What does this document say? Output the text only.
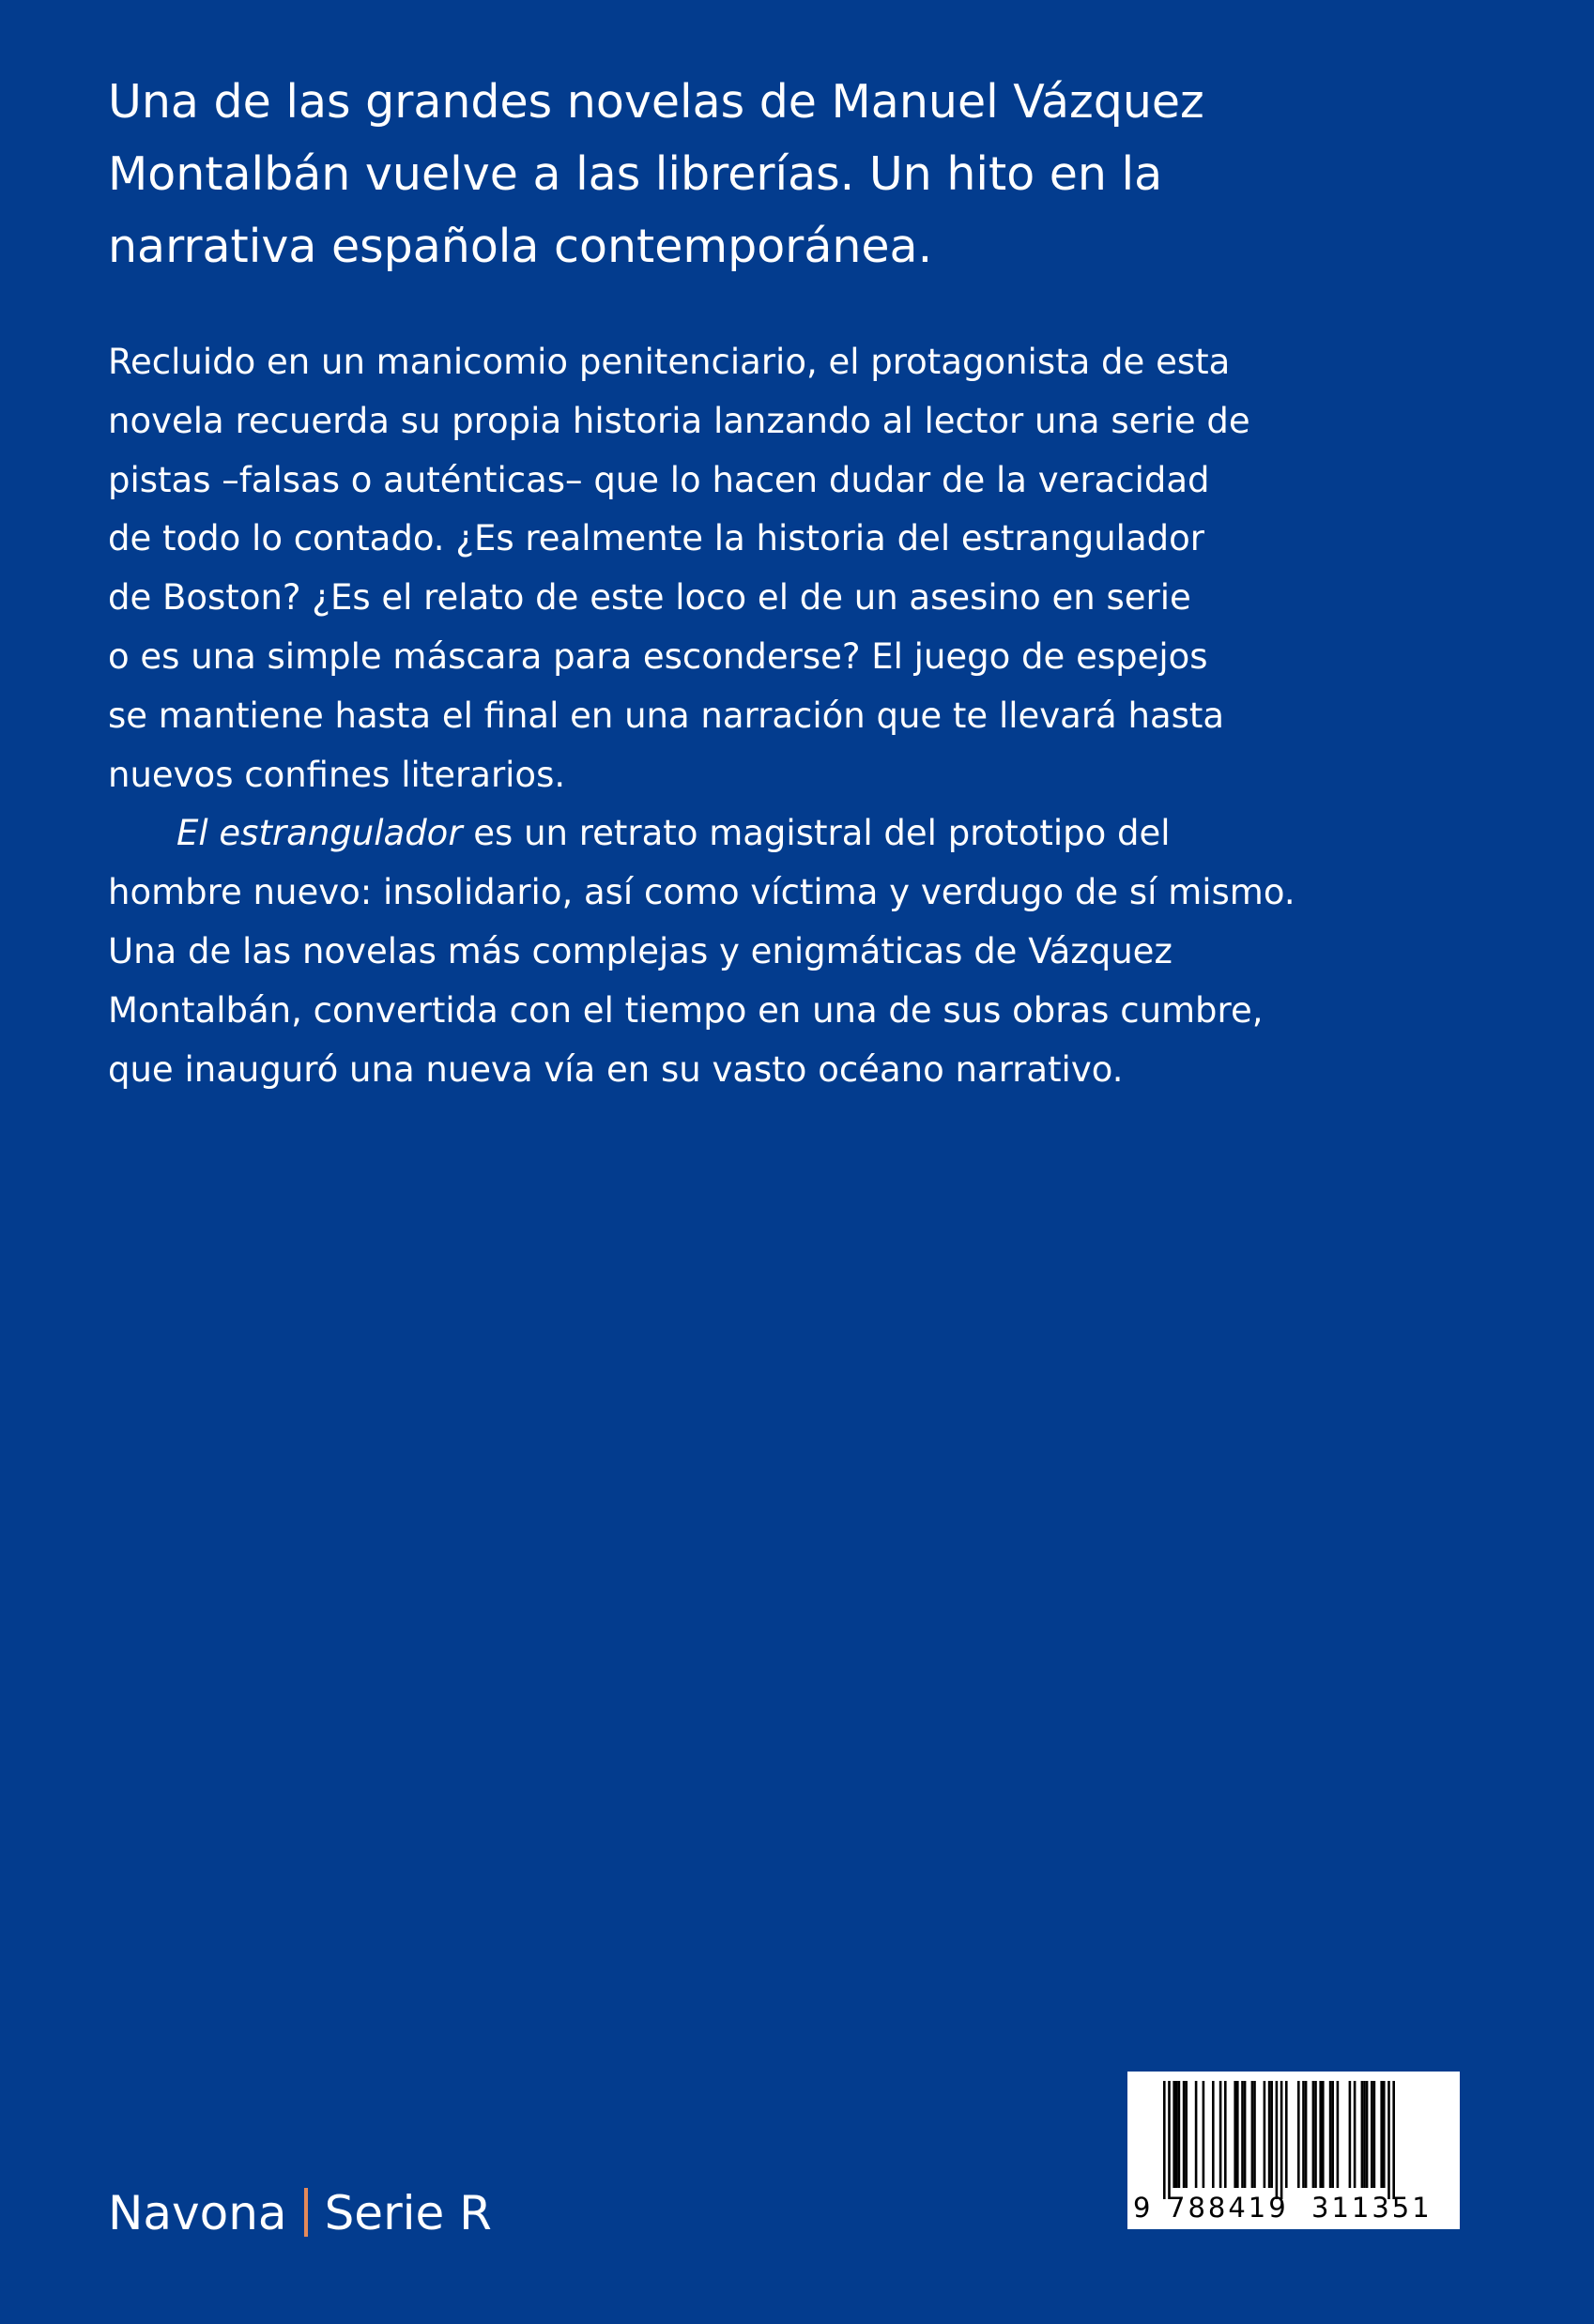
Una de las grandes novelas de Manuel Vázquez
Montalbán vuelve a las librerías. Un hito en la
narrativa española contemporánea.
Recluido en un manicomio penitenciario, el protagonista de esta
novela recuerda su propia historia lanzando al lector una serie de
pistas –falsas o auténticas– que lo hacen dudar de la veracidad
de todo lo contado. ¿Es realmente la historia del estrangulador
de Boston? ¿Es el relato de este loco el de un asesino en serie
o es una simple máscara para esconderse? El juego de espejos
se mantiene hasta el final en una narración que te llevará hasta
nuevos confines literarios.
El estrangulador es un retrato magistral del prototipo del
hombre nuevo: insolidario, así como víctima y verdugo de sí mismo.
Una de las novelas más complejas y enigmáticas de Vázquez
Montalbán, convertida con el tiempo en una de sus obras cumbre,
que inauguró una nueva vía en su vasto océano narrativo.
Navona Serie R	9 788419 311351
